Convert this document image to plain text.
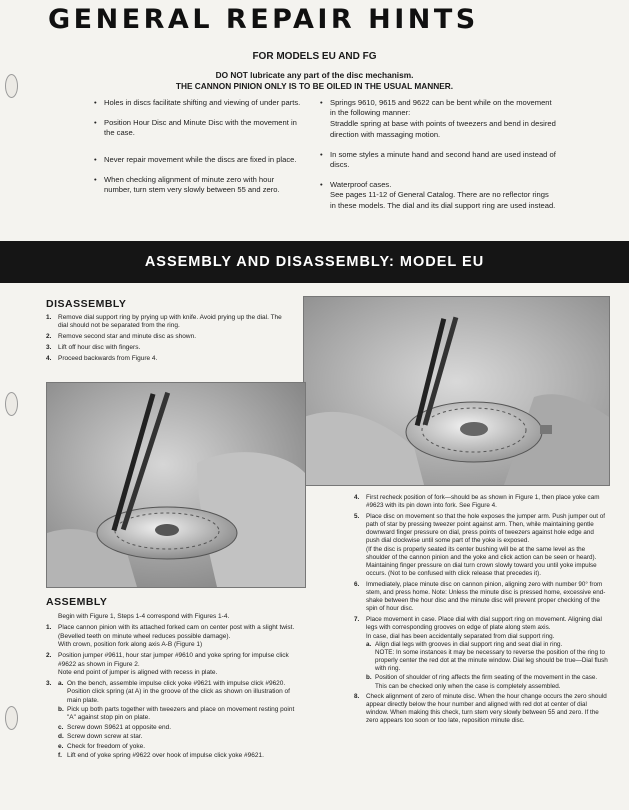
GENERAL REPAIR HINTS
FOR MODELS EU AND FG
DO NOT lubricate any part of the disc mechanism.
THE CANNON PINION ONLY IS TO BE OILED IN THE USUAL MANNER.
• Holes in discs facilitate shifting and viewing of under parts.
• Position Hour Disc and Minute Disc with the movement in the case.
• Never repair movement while the discs are fixed in place.
• When checking alignment of minute zero with hour number, turn stem very slowly between 55 and zero.
• Springs 9610, 9615 and 9622 can be bent while on the movement in the following manner:
Straddle spring at base with points of tweezers and bend in desired direction with massaging motion.
• In some styles a minute hand and second hand are used instead of discs.
• Waterproof cases.
See pages 11-12 of General Catalog. There are no reflector rings in these models. The dial and its dial support ring are used instead.
ASSEMBLY AND DISASSEMBLY: MODEL EU
DISASSEMBLY
1. Remove dial support ring by prying up with knife. Avoid prying up the dial. The dial should not be separated from the ring.
2. Remove second star and minute disc as shown.
3. Lift off hour disc with fingers.
4. Proceed backwards from Figure 4.
ASSEMBLY
Begin with Figure 1, Steps 1-4 correspond with Figures 1-4.
1. Place cannon pinion with its attached forked cam on center post with a slight twist. (Bevelled teeth on minute wheel reduces possible damage).
With crown, position fork along axis A-B (Figure 1)
2. Position jumper #9611, hour star jumper #9610 and yoke spring for impulse click #9622 as shown in Figure 2.
Note end point of jumper is aligned with recess in plate.
3. a. On the bench, assemble impulse click yoke #9621 with impulse click #9620. Position click spring (at A) in the groove of the click as shown on illustration of main plate.
b. Pick up both parts together with tweezers and place on movement resting point "A" against stop pin on plate.
c. Screw down S9621 at opposite end.
d. Screw down screw at star.
e. Check for freedom of yoke.
f. Lift end of yoke spring #9622 over hook of impulse click yoke #9621.
4. First recheck position of fork—should be as shown in Figure 1, then place yoke cam #9623 with its pin down into fork. See Figure 4.
5. Place disc on movement so that the hole exposes the jumper arm. Push jumper out of path of star by pressing tweezer point against arm. Then, while maintaining gentle downward finger pressure on dial, press points of tweezers against hole edge and push dial clockwise until some part of the yoke is exposed.
(If the disc is properly seated its center bushing will be at the same level as the shoulder of the cannon pinion and the yoke and click action can be seen or heard).
Maintaining finger pressure on dial turn crown slowly toward you until yoke impulse occurs. (Not to be confused with click release that precedes it).
6. Immediately, place minute disc on cannon pinion, aligning zero with number 90° from stem, and press home. Note: Unless the minute disc is pressed home, excessive end-shake between the hour disc and the minute disc will prevent proper checking of the spin of hour disc.
7. Place movement in case. Place dial with dial support ring on movement. Aligning dial legs with corresponding grooves on edge of plate along stem axis.
In case, dial has been accidentally separated from dial support ring.
a. Align dial legs with grooves in dial support ring and seat dial in ring.
NOTE: In some instances it may be necessary to reverse the position of the ring to properly center the red dot at the minute window. Dial leg should be true—Dial flush with ring.
b. Position of shoulder of ring affects the firm seating of the movement in the case. This can be checked only when the case is completely assembled.
8. Check alignment of zero of minute disc. When the hour change occurs the zero should appear directly below the hour number and aligned with red dot at center of dial window. When making this check, turn stem very slowly between 55 and zero. If the zero appears too soon or too late, reposition minute disc.
